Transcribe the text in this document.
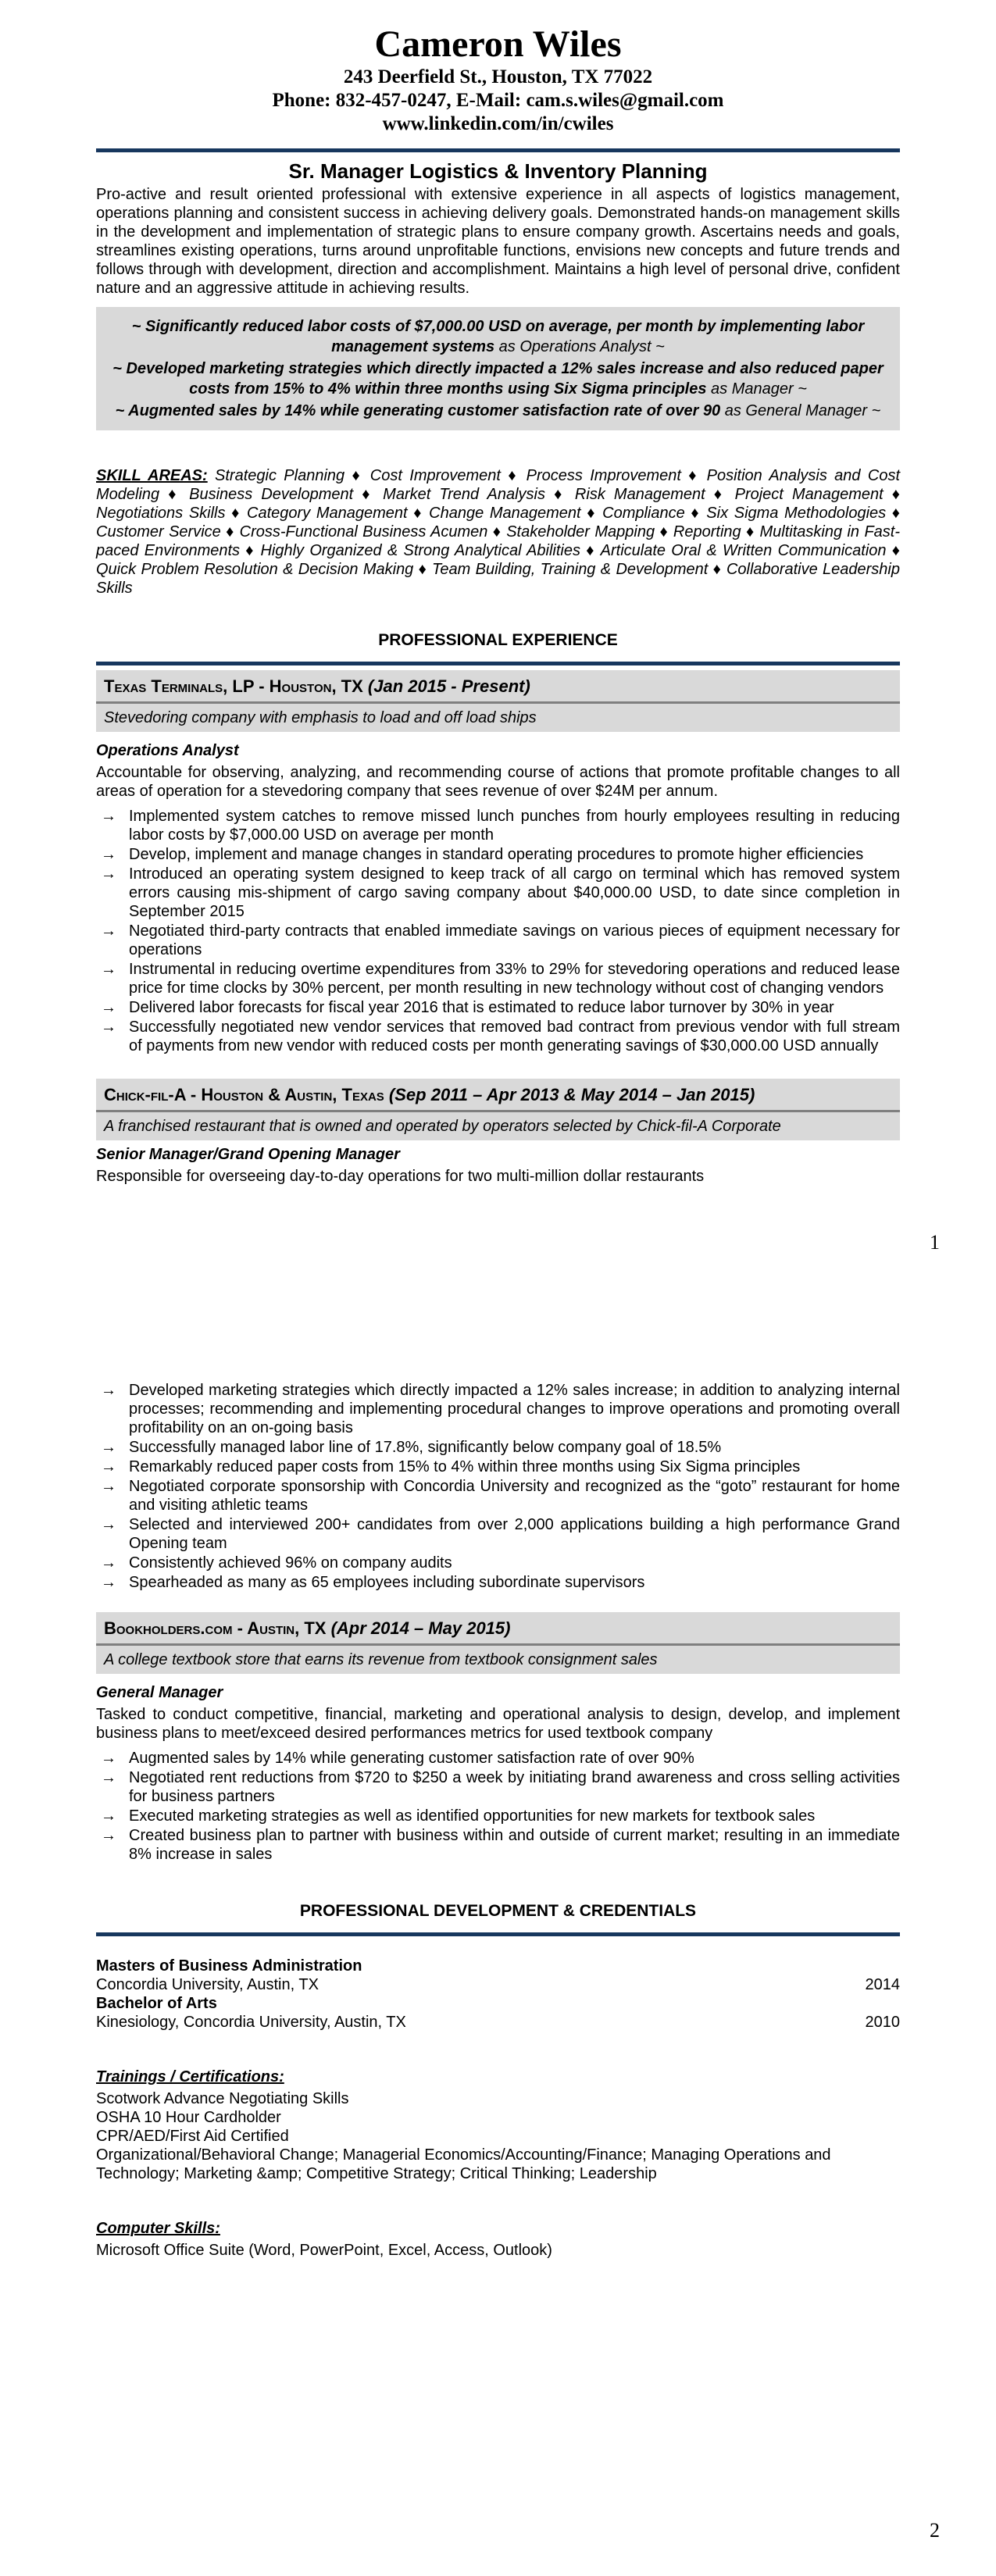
Cameron Wiles
243 Deerfield St., Houston, TX 77022
Phone: 832-457-0247, E-Mail: cam.s.wiles@gmail.com
www.linkedin.com/in/cwiles
Sr. Manager Logistics & Inventory Planning

Pro-active and result oriented professional with extensive experience in all aspects of logistics management, operations planning and consistent success in achieving delivery goals. Demonstrated hands-on management skills in the development and implementation of strategic plans to ensure company growth. Ascertains needs and goals, streamlines existing operations, turns around unprofitable functions, envisions new concepts and future trends and follows through with development, direction and accomplishment. Maintains a high level of personal drive, confident nature and an aggressive attitude in achieving results.

~ Significantly reduced labor costs of $7,000.00 USD on average, per month by implementing labor management systems as Operations Analyst ~
~ Developed marketing strategies which directly impacted a 12% sales increase and also reduced paper costs from 15% to 4% within three months using Six Sigma principles as Manager ~
~ Augmented sales by 14% while generating customer satisfaction rate of over 90 as General Manager ~

SKILL AREAS: Strategic Planning ♦ Cost Improvement ♦ Process Improvement ♦ Position Analysis and Cost Modeling ♦ Business Development ♦ Market Trend Analysis ♦ Risk Management ♦ Project Management ♦ Negotiations Skills ♦ Category Management ♦ Change Management ♦ Compliance ♦ Six Sigma Methodologies ♦ Customer Service ♦ Cross-Functional Business Acumen ♦ Stakeholder Mapping ♦ Reporting ♦ Multitasking in Fast-paced Environments ♦ Highly Organized & Strong Analytical Abilities ♦ Articulate Oral & Written Communication ♦ Quick Problem Resolution & Decision Making ♦ Team Building, Training & Development ♦ Collaborative Leadership Skills

PROFESSIONAL EXPERIENCE
Texas Terminals, LP - Houston, TX (Jan 2015 - Present)
Stevedoring company with emphasis to load and off load ships
Operations Analyst

Accountable for observing, analyzing, and recommending course of actions that promote profitable changes to all areas of operation for a stevedoring company that sees revenue of over $24M per annum.

→ Implemented system catches to remove missed lunch punches from hourly employees resulting in reducing labor costs by $7,000.00 USD on average per month
→ Develop, implement and manage changes in standard operating procedures to promote higher efficiencies
→ Introduced an operating system designed to keep track of all cargo on terminal which has removed system errors causing mis-shipment of cargo saving company about $40,000.00 USD, to date since completion in September 2015
→ Negotiated third-party contracts that enabled immediate savings on various pieces of equipment necessary for operations
→ Instrumental in reducing overtime expenditures from 33% to 29% for stevedoring operations and reduced lease price for time clocks by 30% percent, per month resulting in new technology without cost of changing vendors
→ Delivered labor forecasts for fiscal year 2016 that is estimated to reduce labor turnover by 30% in year
→ Successfully negotiated new vendor services that removed bad contract from previous vendor with full stream of payments from new vendor with reduced costs per month generating savings of $30,000.00 USD annually
Chick-fil-A - Houston & Austin, Texas (Sep 2011 – Apr 2013 & May 2014 – Jan 2015)
A franchised restaurant that is owned and operated by operators selected by Chick-fil-A Corporate
Senior Manager/Grand Opening Manager

Responsible for overseeing day-to-day operations for two multi-million dollar restaurants

1
→ Developed marketing strategies which directly impacted a 12% sales increase; in addition to analyzing internal processes; recommending and implementing procedural changes to improve operations and promoting overall profitability on an on-going basis
→ Successfully managed labor line of 17.8%, significantly below company goal of 18.5%
→ Remarkably reduced paper costs from 15% to 4% within three months using Six Sigma principles
→ Negotiated corporate sponsorship with Concordia University and recognized as the “goto” restaurant for home and visiting athletic teams
→ Selected and interviewed 200+ candidates from over 2,000 applications building a high performance Grand Opening team
→ Consistently achieved 96% on company audits
→ Spearheaded as many as 65 employees including subordinate supervisors
Bookholders.com - Austin, TX (Apr 2014 – May 2015)
A college textbook store that earns its revenue from textbook consignment sales
General Manager

Tasked to conduct competitive, financial, marketing and operational analysis to design, develop, and implement business plans to meet/exceed desired performances metrics for used textbook company

→ Augmented sales by 14% while generating customer satisfaction rate of over 90%
→ Negotiated rent reductions from $720 to $250 a week by initiating brand awareness and cross selling activities for business partners
→ Executed marketing strategies as well as identified opportunities for new markets for textbook sales
→ Created business plan to partner with business within and outside of current market; resulting in an immediate 8% increase in sales
PROFESSIONAL DEVELOPMENT & CREDENTIALS
Masters of Business Administration
Concordia University, Austin, TX	2014
Bachelor of Arts
Kinesiology, Concordia University, Austin, TX	2010
Trainings / Certifications:

Scotwork Advance Negotiating Skills

OSHA 10 Hour Cardholder

CPR/AED/First Aid Certified

Organizational/Behavioral Change; Managerial Economics/Accounting/Finance; Managing Operations and Technology; Marketing &amp; Competitive Strategy; Critical Thinking; Leadership

Computer Skills:

Microsoft Office Suite (Word, PowerPoint, Excel, Access, Outlook)

2
